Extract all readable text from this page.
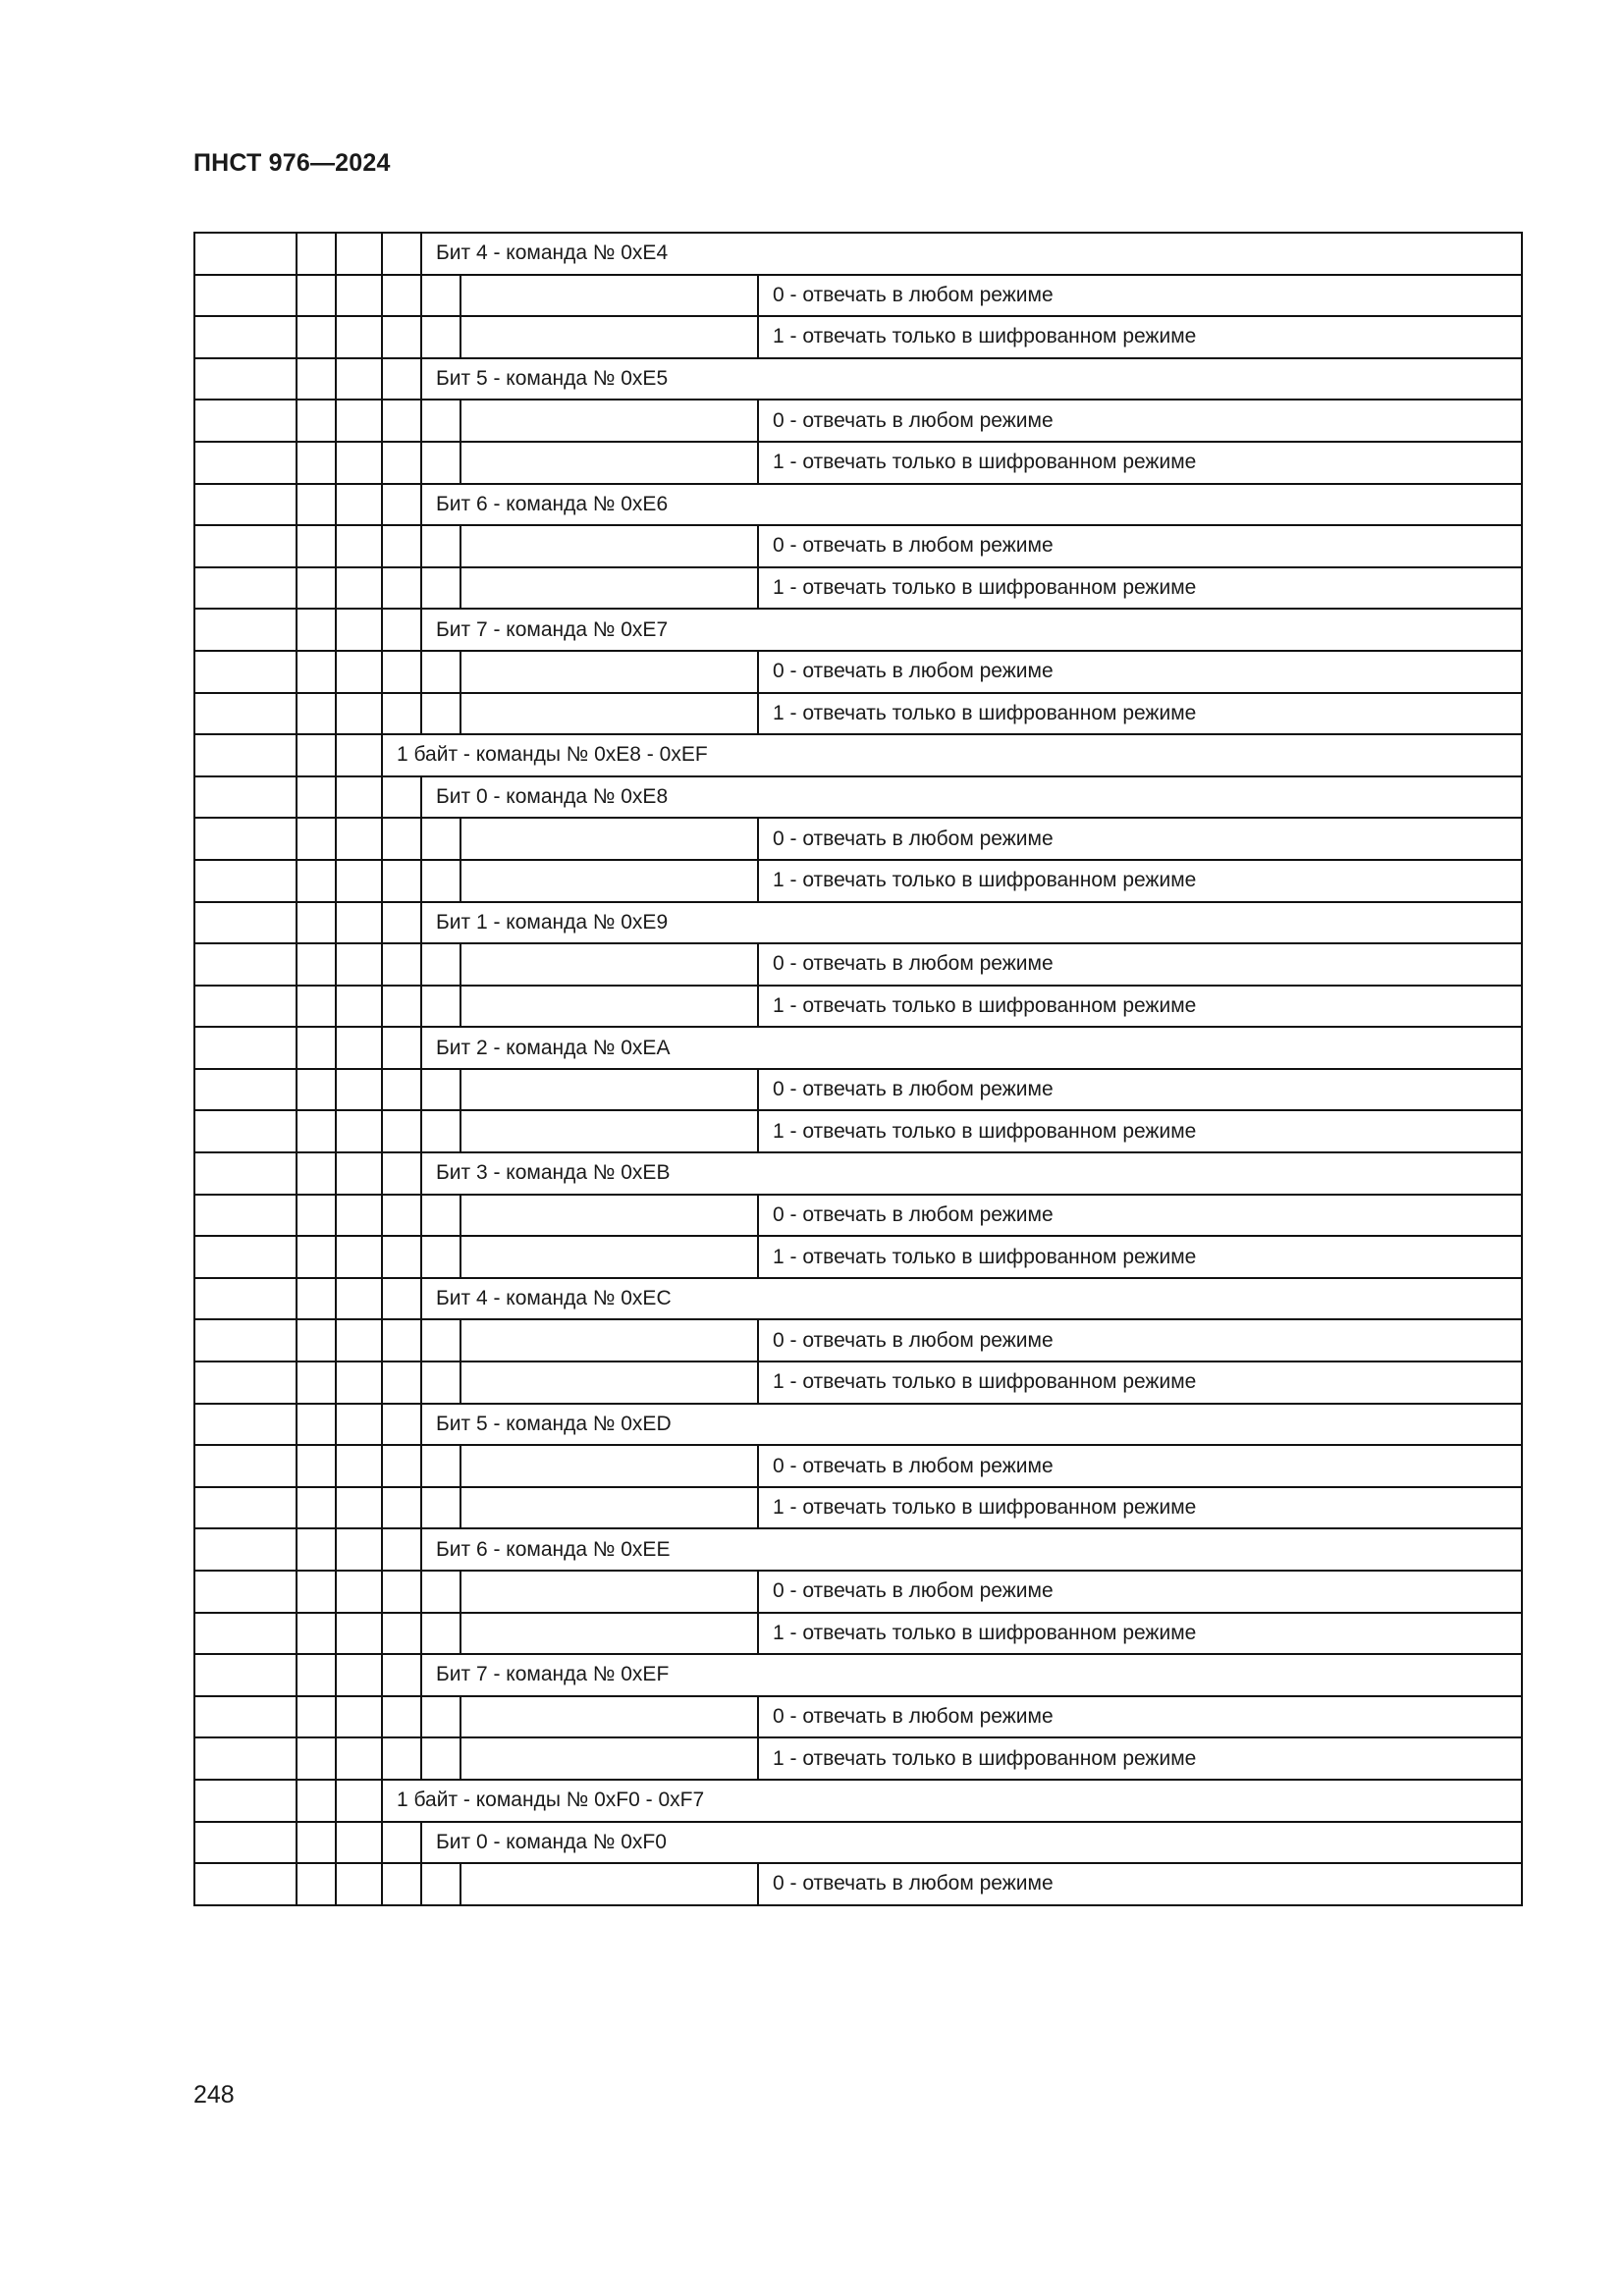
ПНСТ 976—2024
				Бит 4 - команда № 0xE4		
						0 - отвечать в любом режиме
						1 - отвечать только в шифрованном режиме
				Бит 5 - команда № 0xE5		
						0 - отвечать в любом режиме
						1 - отвечать только в шифрованном режиме
				Бит 6 - команда № 0xE6		
						0 - отвечать в любом режиме
						1 - отвечать только в шифрованном режиме
				Бит 7 - команда № 0xE7		
						0 - отвечать в любом режиме
						1 - отвечать только в шифрованном режиме
			1 байт - команды № 0xE8 - 0xEF			
				Бит 0 - команда № 0xE8		
						0 - отвечать в любом режиме
						1 - отвечать только в шифрованном режиме
				Бит 1 - команда № 0xE9		
						0 - отвечать в любом режиме
						1 - отвечать только в шифрованном режиме
				Бит 2 - команда № 0xEA		
						0 - отвечать в любом режиме
						1 - отвечать только в шифрованном режиме
				Бит 3 - команда № 0xEB		
						0 - отвечать в любом режиме
						1 - отвечать только в шифрованном режиме
				Бит 4 - команда № 0xEC		
						0 - отвечать в любом режиме
						1 - отвечать только в шифрованном режиме
				Бит 5 - команда № 0xED		
						0 - отвечать в любом режиме
						1 - отвечать только в шифрованном режиме
				Бит 6 - команда № 0xEE		
						0 - отвечать в любом режиме
						1 - отвечать только в шифрованном режиме
				Бит 7 - команда № 0xEF		
						0 - отвечать в любом режиме
						1 - отвечать только в шифрованном режиме
			1 байт - команды № 0xF0 - 0xF7			
				Бит 0 - команда № 0xF0		
						0 - отвечать в любом режиме
248
